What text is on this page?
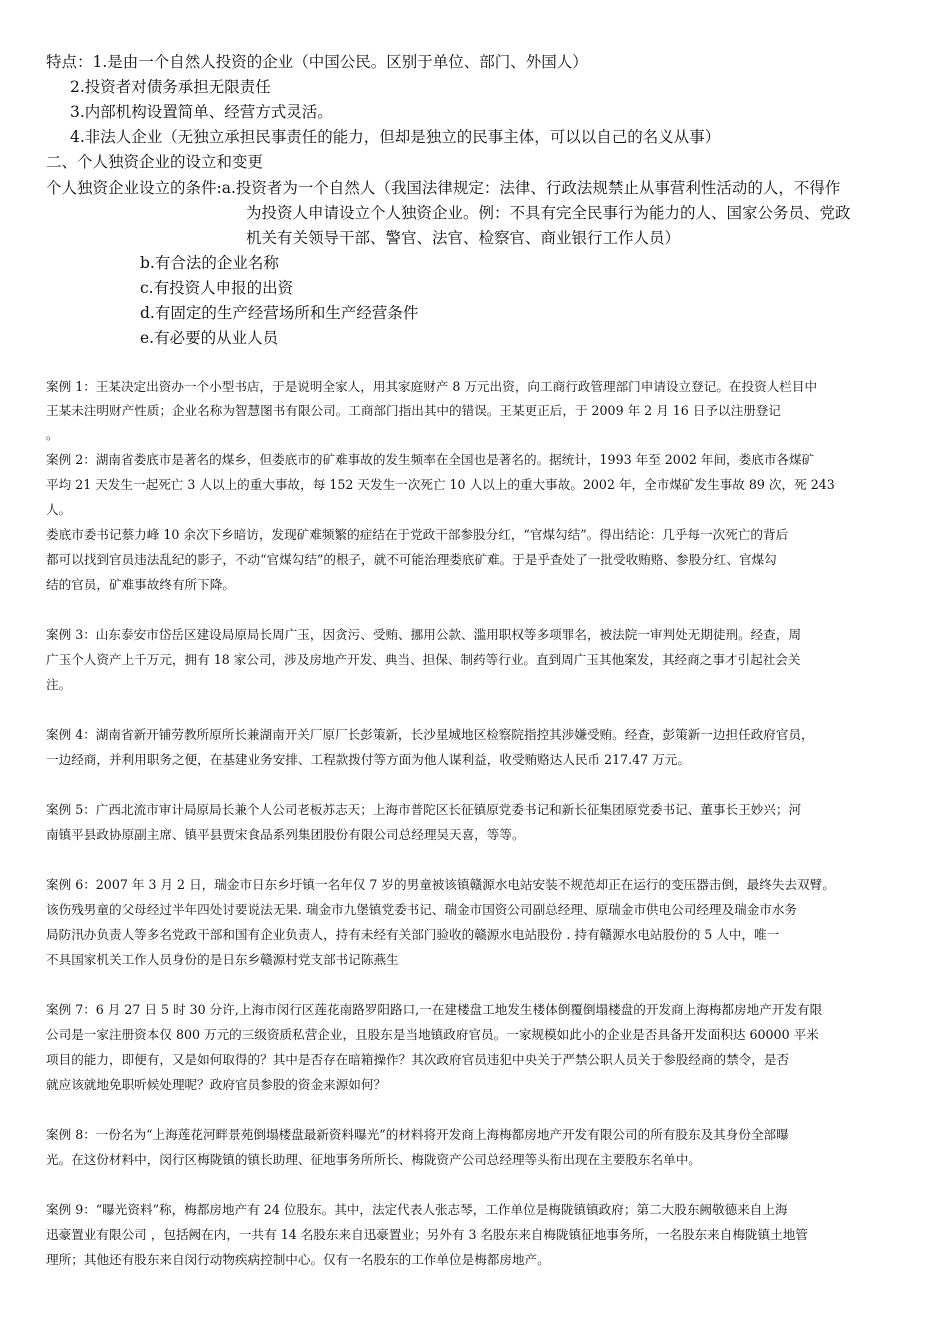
特点：1.是由一个自然人投资的企业（中国公民。区别于单位、部门、外国人）
2.投资者对债务承担无限责任
3.内部机构设置简单、经营方式灵活。
4.非法人企业（无独立承担民事责任的能力，但却是独立的民事主体，可以以自己的名义从事）
二、个人独资企业的设立和变更
个人独资企业设立的条件:a.投资者为一个自然人（我国法律规定：法律、行政法规禁止从事营利性活动的人，不得作
为投资人申请设立个人独资企业。例：不具有完全民事行为能力的人、国家公务员、党政
机关有关领导干部、警官、法官、检察官、商业银行工作人员）
b.有合法的企业名称
c.有投资人申报的出资
d.有固定的生产经营场所和生产经营条件
e.有必要的从业人员
案例 1：王某决定出资办一个小型书店，于是说明全家人，用其家庭财产 8 万元出资，向工商行政管理部门申请设立登记。在投资人栏目中
王某未注明财产性质；企业名称为智慧图书有限公司。工商部门指出其中的错误。王某更正后，于 2009 年 2 月 16 日予以注册登记
。
案例 2：湖南省娄底市是著名的煤乡，但娄底市的矿难事故的发生频率在全国也是著名的。据统计，1993 年至 2002 年间，娄底市各煤矿
平均 21 天发生一起死亡 3 人以上的重大事故，每 152 天发生一次死亡 10 人以上的重大事故。2002 年，全市煤矿发生事故 89 次，死 243
人。
娄底市委书记蔡力峰 10 余次下乡暗访，发现矿难频繁的症结在于党政干部参股分红，“官煤勾结”。得出结论：几乎每一次死亡的背后
都可以找到官员违法乱纪的影子，不动“官煤勾结”的根子，就不可能治理娄底矿难。于是乎查处了一批受收贿赂、参股分红、官煤勾
结的官员，矿难事故终有所下降。
案例 3：山东泰安市岱岳区建设局原局长周广玉，因贪污、受贿、挪用公款、滥用职权等多项罪名，被法院一审判处无期徒刑。经查，周
广玉个人资产上千万元，拥有 18 家公司，涉及房地产开发、典当、担保、制药等行业。直到周广玉其他案发，其经商之事才引起社会关
注。
案例 4：湖南省新开铺劳教所原所长兼湖南开关厂原厂长彭策新，长沙星城地区检察院指控其涉嫌受贿。经查，彭策新一边担任政府官员，
一边经商，并利用职务之便，在基建业务安排、工程款拨付等方面为他人谋利益，收受贿赂达人民币 217.47 万元。
案例 5：广西北流市审计局原局长兼个人公司老板苏志天；上海市普陀区长征镇原党委书记和新长征集团原党委书记、董事长王妙兴；河
南镇平县政协原副主席、镇平县贾宋食品系列集团股份有限公司总经理吴天喜，等等。
案例 6：2007 年 3 月 2 日，瑞金市日东乡圩镇一名年仅 7 岁的男童被该镇赣源水电站安装不规范却正在运行的变压器击倒，最终失去双臂。
该伤残男童的父母经过半年四处讨要说法无果. 瑞金市九堡镇党委书记、瑞金市国资公司副总经理、原瑞金市供电公司经理及瑞金市水务
局防汛办负责人等多名党政干部和国有企业负责人，持有未经有关部门验收的赣源水电站股份 . 持有赣源水电站股份的 5 人中，唯一
不具国家机关工作人员身份的是日东乡赣源村党支部书记陈燕生
案例 7：6 月 27 日 5 时 30 分许,上海市闵行区莲花南路罗阳路口,一在建楼盘工地发生楼体倒覆倒塌楼盘的开发商上海梅都房地产开发有限
公司是一家注册资本仅 800 万元的三级资质私营企业，且股东是当地镇政府官员。一家规模如此小的企业是否具备开发面积达 60000 平米
项目的能力，即便有，又是如何取得的？其中是否存在暗箱操作？其次政府官员违犯中央关于严禁公职人员关于参股经商的禁令，是否
就应该就地免职听候处理呢？政府官员参股的资金来源如何？
案例 8：一份名为“上海莲花河畔景苑倒塌楼盘最新资料曝光”的材料将开发商上海梅都房地产开发有限公司的所有股东及其身份全部曝
光。在这份材料中，闵行区梅陇镇的镇长助理、征地事务所所长、梅陇资产公司总经理等头衔出现在主要股东名单中。
案例 9：“曝光资料”称，梅都房地产有 24 位股东。其中，法定代表人张志琴，工作单位是梅陇镇镇政府；第二大股东阙敬德来自上海
迅豪置业有限公司 ，包括阙在内，一共有 14 名股东来自迅豪置业；另外有 3 名股东来自梅陇镇征地事务所，一名股东来自梅陇镇土地管
理所；其他还有股东来自闵行动物疾病控制中心。仅有一名股东的工作单位是梅都房地产。
